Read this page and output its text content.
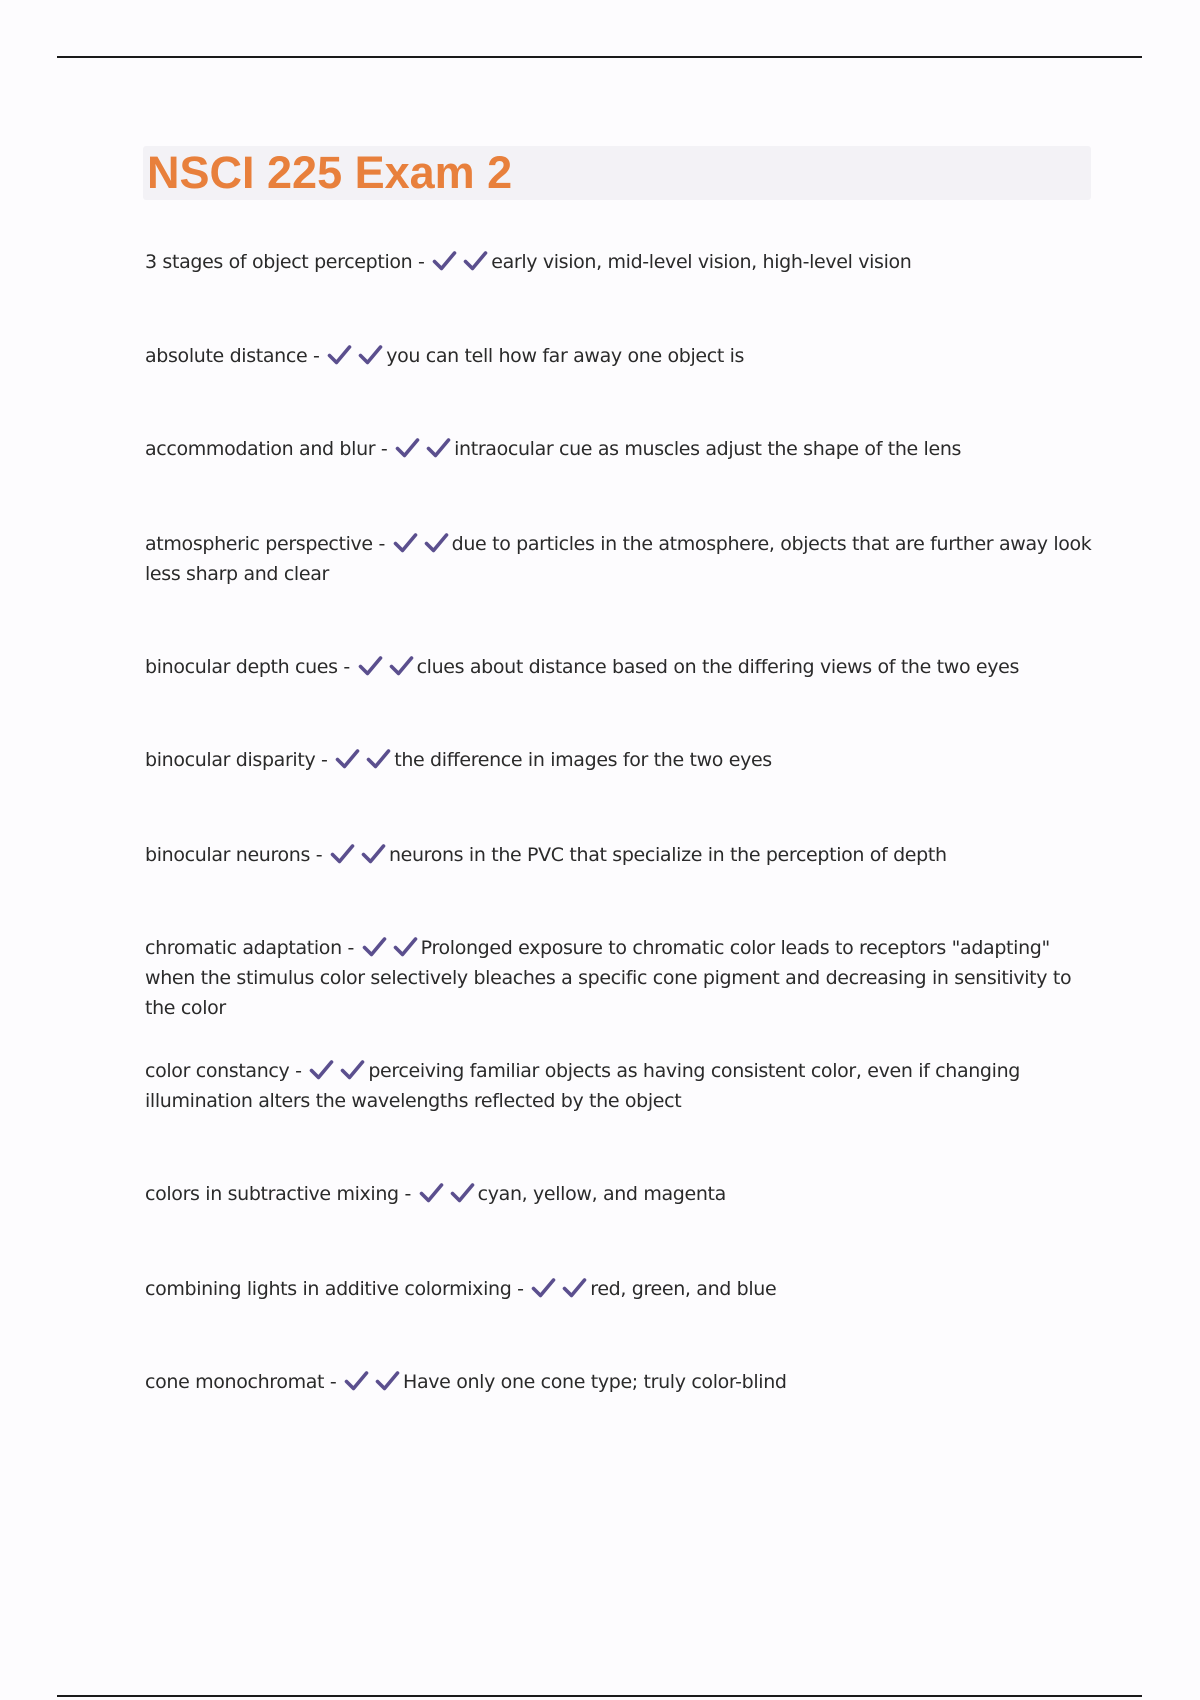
NSCI 225 Exam 2
3 stages of object perception -	early vision, mid-level vision, high-level vision
absolute distance -	you can tell how far away one object is
accommodation and blur -	intraocular cue as muscles adjust the shape of the lens
atmospheric perspective -	due to particles in the atmosphere, objects that are further away look less sharp and clear
binocular depth cues -	clues about distance based on the differing views of the two eyes
binocular disparity -	the difference in images for the two eyes
binocular neurons -	neurons in the PVC that specialize in the perception of depth
chromatic adaptation -	Prolonged exposure to chromatic color leads to receptors "adapting" when the stimulus color selectively bleaches a specific cone pigment and decreasing in sensitivity to the color
color constancy -	perceiving familiar objects as having consistent color, even if changing illumination alters the wavelengths reflected by the object
colors in subtractive mixing -	cyan, yellow, and magenta
combining lights in additive colormixing -	red, green, and blue
cone monochromat -	Have only one cone type; truly color-blind
